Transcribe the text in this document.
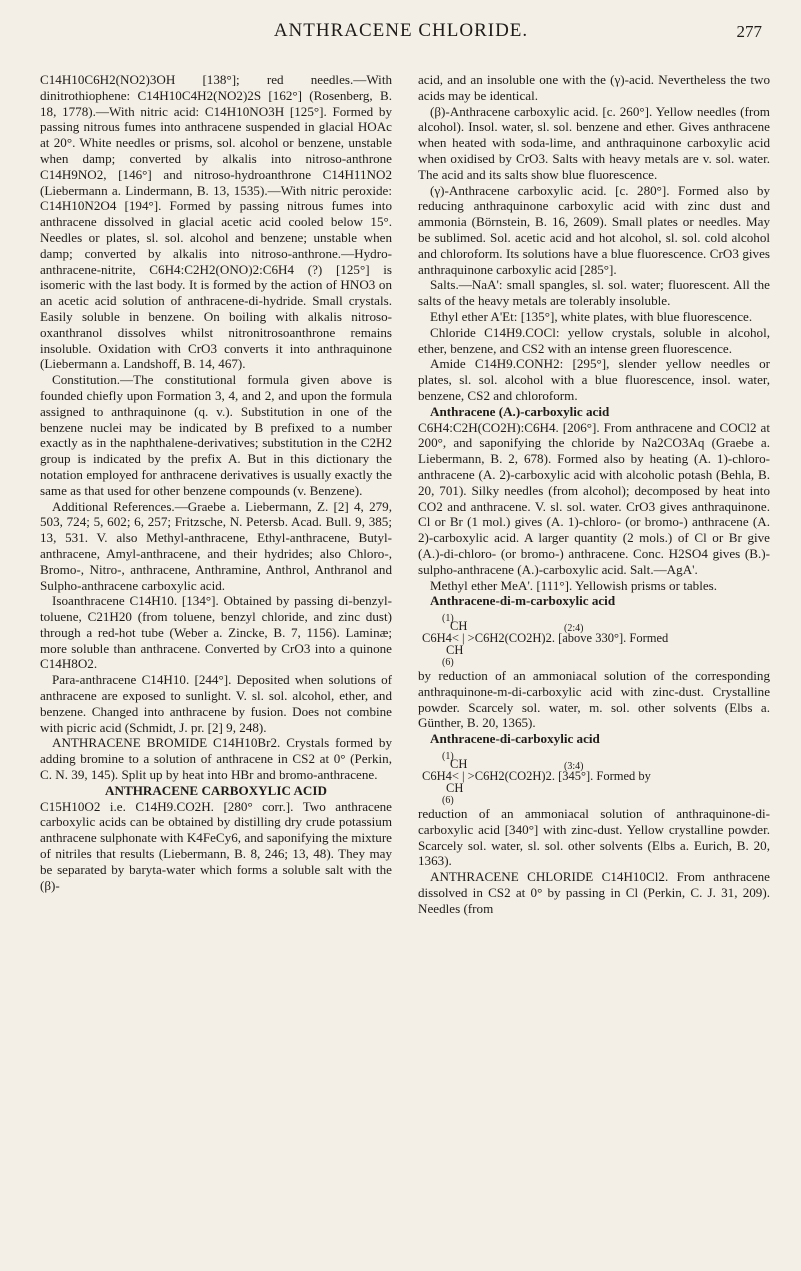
ANTHRACENE CHLORIDE.	277

C14H10C6H2(NO2)3OH [138°]; red needles.—With dinitrothiophene: C14H10C4H2(NO2)2S [162°] (Rosenberg, B. 18, 1778).—With nitric acid: C14H10NO3H [125°]. Formed by passing nitrous fumes into anthracene suspended in glacial HOAc at 20°. White needles or prisms, sol. alcohol or benzene, unstable when damp; converted by alkalis into nitroso-anthrone C14H9NO2, [146°] and nitroso-hydroanthrone C14H11NO2 (Liebermann a. Lindermann, B. 13, 1535).—With nitric peroxide: C14H10N2O4 [194°]. Formed by passing nitrous fumes into anthracene dissolved in glacial acetic acid cooled below 15°. Needles or plates, sl. sol. alcohol and benzene; unstable when damp; converted by alkalis into nitroso-anthrone.—Hydro-anthracene-nitrite, C6H4:C2H2(ONO)2:C6H4 (?) [125°] is isomeric with the last body. It is formed by the action of HNO3 on an acetic acid solution of anthracene-di-hydride. Small crystals. Easily soluble in benzene. On boiling with alkalis nitroso-oxanthranol dissolves whilst nitronitrosoanthrone remains insoluble. Oxidation with CrO3 converts it into anthraquinone (Liebermann a. Landshoff, B. 14, 467).

Constitution.—The constitutional formula given above is founded chiefly upon Formation 3, 4, and 2, and upon the formula assigned to anthraquinone (q. v.). Substitution in one of the benzene nuclei may be indicated by B prefixed to a number exactly as in the naphthalene-derivatives; substitution in the C2H2 group is indicated by the prefix A. But in this dictionary the notation employed for anthracene derivatives is usually exactly the same as that used for other benzene compounds (v. Benzene).

Additional References.—Graebe a. Liebermann, Z. [2] 4, 279, 503, 724; 5, 602; 6, 257; Fritzsche, N. Petersb. Acad. Bull. 9, 385; 13, 531. V. also Methyl-anthracene, Ethyl-anthracene, Butyl-anthracene, Amyl-anthracene, and their hydrides; also Chloro-, Bromo-, Nitro-, anthracene, Anthramine, Anthrol, Anthranol and Sulpho-anthracene carboxylic acid.

Isoanthracene C14H10. [134°]. Obtained by passing di-benzyl-toluene, C21H20 (from toluene, benzyl chloride, and zinc dust) through a red-hot tube (Weber a. Zincke, B. 7, 1156). Laminæ; more soluble than anthracene. Converted by CrO3 into a quinone C14H8O2.

Para-anthracene C14H10. [244°]. Deposited when solutions of anthracene are exposed to sunlight. V. sl. sol. alcohol, ether, and benzene. Changed into anthracene by fusion. Does not combine with picric acid (Schmidt, J. pr. [2] 9, 248).

ANTHRACENE BROMIDE C14H10Br2. Crystals formed by adding bromine to a solution of anthracene in CS2 at 0° (Perkin, C. N. 39, 145). Split up by heat into HBr and bromo-anthracene.

ANTHRACENE CARBOXYLIC ACID

C15H10O2 i.e. C14H9.CO2H. [280° corr.]. Two anthracene carboxylic acids can be obtained by distilling dry crude potassium anthracene sulphonate with K4FeCy6, and saponifying the mixture of nitriles that results (Liebermann, B. 8, 246; 13, 48). They may be separated by baryta-water which forms a soluble salt with the (β)-

acid, and an insoluble one with the (γ)-acid. Nevertheless the two acids may be identical.

(β)-Anthracene carboxylic acid. [c. 260°]. Yellow needles (from alcohol). Insol. water, sl. sol. benzene and ether. Gives anthracene when heated with soda-lime, and anthraquinone carboxylic acid when oxidised by CrO3. Salts with heavy metals are v. sol. water. The acid and its salts show blue fluorescence.

(γ)-Anthracene carboxylic acid. [c. 280°]. Formed also by reducing anthraquinone carboxylic acid with zinc dust and ammonia (Börnstein, B. 16, 2609). Small plates or needles. May be sublimed. Sol. acetic acid and hot alcohol, sl. sol. cold alcohol and chloroform. Its solutions have a blue fluorescence. CrO3 gives anthraquinone carboxylic acid [285°].

Salts.—NaA': small spangles, sl. sol. water; fluorescent. All the salts of the heavy metals are tolerably insoluble.

Ethyl ether A'Et: [135°], white plates, with blue fluorescence.

Chloride C14H9.COCl: yellow crystals, soluble in alcohol, ether, benzene, and CS2 with an intense green fluorescence.

Amide C14H9.CONH2: [295°], slender yellow needles or plates, sl. sol. alcohol with a blue fluorescence, insol. water, benzene, CS2 and chloroform.

Anthracene (A.)-carboxylic acid

C6H4:C2H(CO2H):C6H4. [206°]. From anthracene and COCl2 at 200°, and saponifying the chloride by Na2CO3Aq (Graebe a. Liebermann, B. 2, 678). Formed also by heating (A. 1)-chloro-anthracene (A. 2)-carboxylic acid with alcoholic potash (Behla, B. 20, 701). Silky needles (from alcohol); decomposed by heat into CO2 and anthracene. V. sl. sol. water. CrO3 gives anthraquinone. Cl or Br (1 mol.) gives (A. 1)-chloro- (or bromo-) anthracene (A. 2)-carboxylic acid. A larger quantity (2 mols.) of Cl or Br give (A.)-di-chloro- (or bromo-) anthracene. Conc. H2SO4 gives (B.)-sulpho-anthracene (A.)-carboxylic acid. Salt.—AgA'.

Methyl ether MeA'. [111°]. Yellowish prisms or tables.

Anthracene-di-m-carboxylic acid

(1)
CH
C6H4< | >C6H2(CO2H)2. [above 330°]. Formed
(2:4)
CH
(6)

by reduction of an ammoniacal solution of the corresponding anthraquinone-m-di-carboxylic acid with zinc-dust. Crystalline powder. Scarcely sol. water, m. sol. other solvents (Elbs a. Günther, B. 20, 1365).

Anthracene-di-carboxylic acid

(1)
CH
C6H4< | >C6H2(CO2H)2. [345°]. Formed by
(3:4)
CH
(6)

reduction of an ammoniacal solution of anthraquinone-di-carboxylic acid [340°] with zinc-dust. Yellow crystalline powder. Scarcely sol. water, sl. sol. other solvents (Elbs a. Eurich, B. 20, 1363).

ANTHRACENE CHLORIDE C14H10Cl2. From anthracene dissolved in CS2 at 0° by passing in Cl (Perkin, C. J. 31, 209). Needles (from
